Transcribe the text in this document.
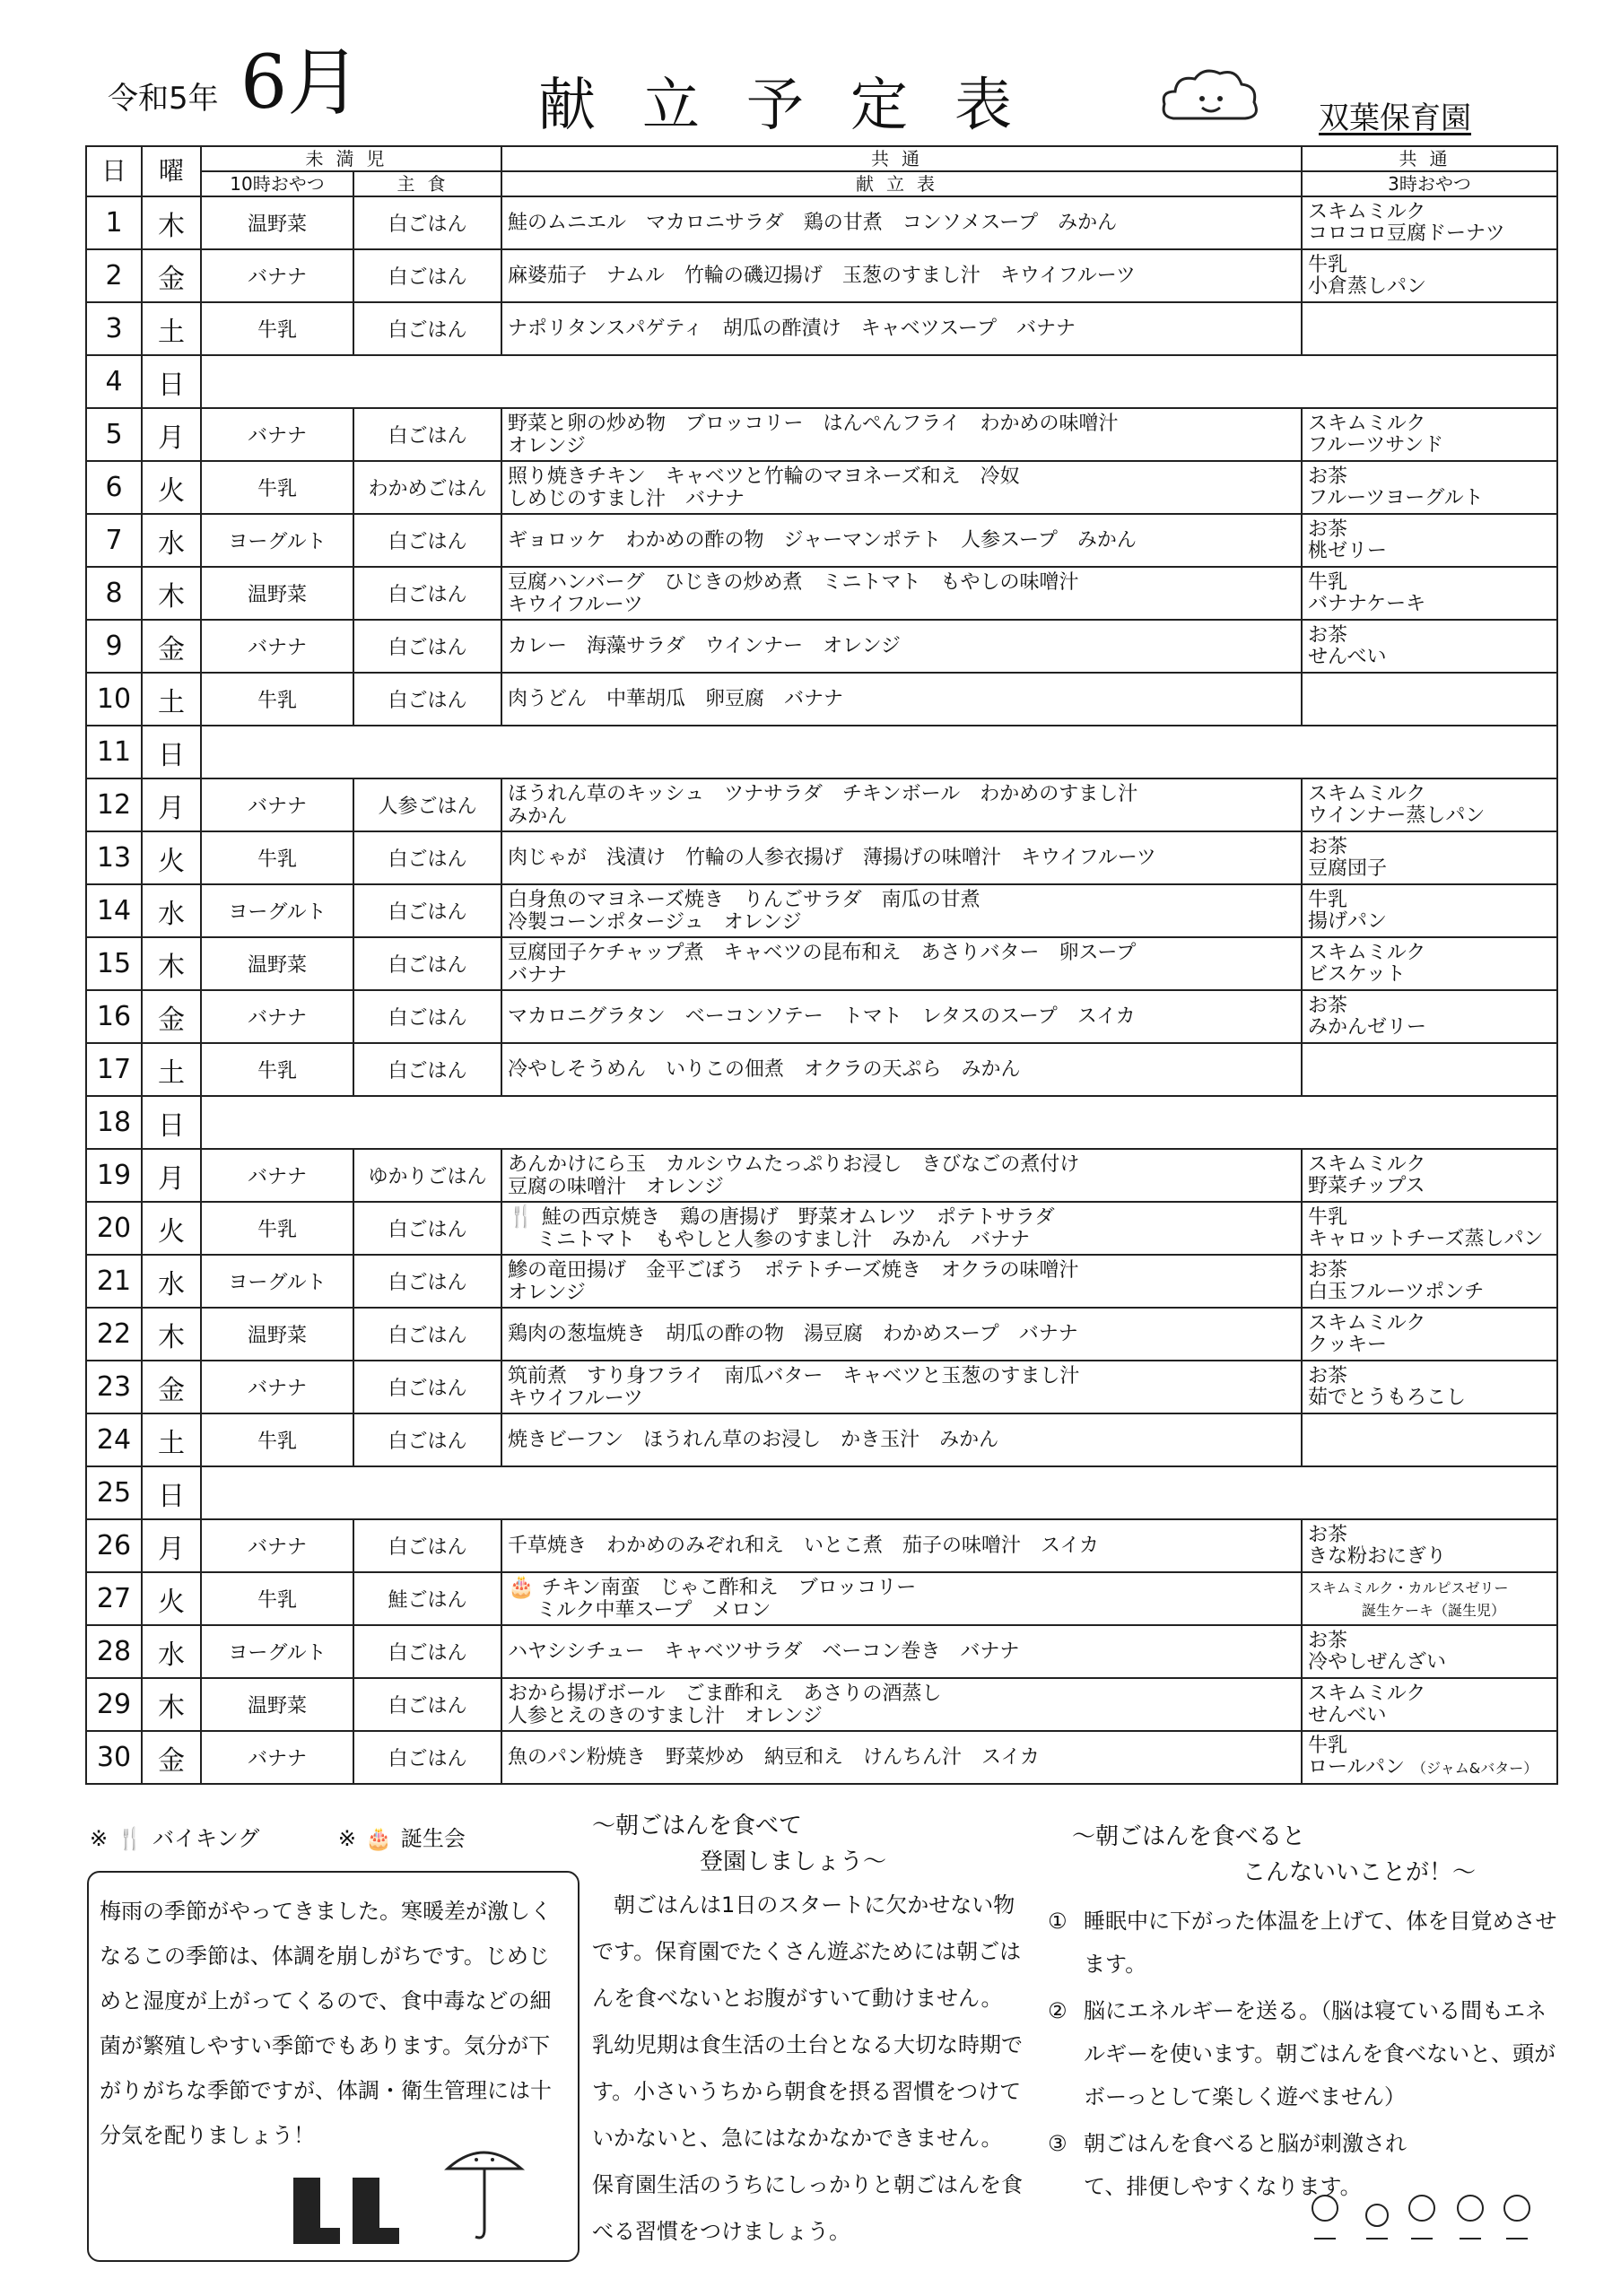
令和5年 6月	献立予定表	双葉保育園
日	曜	未満児		共通	共通
		10時おやつ	主食	献立表	3時おやつ
1	木	温野菜	白ごはん	鮭のムニエル　マカロニサラダ　鶏の甘煮　コンソメスープ　みかん	スキムミルク
コロコロ豆腐ドーナツ
2	金	バナナ	白ごはん	麻婆茄子　ナムル　竹輪の磯辺揚げ　玉葱のすまし汁　キウイフルーツ	牛乳
小倉蒸しパン
3	土	牛乳	白ごはん	ナポリタンスパゲティ　胡瓜の酢漬け　キャベツスープ　バナナ	
4	日				
5	月	バナナ	白ごはん	野菜と卵の炒め物　ブロッコリー　はんぺんフライ　わかめの味噌汁
オレンジ	スキムミルク
フルーツサンド
6	火	牛乳	わかめごはん	照り焼きチキン　キャベツと竹輪のマヨネーズ和え　冷奴
しめじのすまし汁　バナナ	お茶
フルーツヨーグルト
7	水	ヨーグルト	白ごはん	ギョロッケ　わかめの酢の物　ジャーマンポテト　人参スープ　みかん	お茶
桃ゼリー
8	木	温野菜	白ごはん	豆腐ハンバーグ　ひじきの炒め煮　ミニトマト　もやしの味噌汁
キウイフルーツ	牛乳
バナナケーキ
9	金	バナナ	白ごはん	カレー　海藻サラダ　ウインナー　オレンジ	お茶
せんべい
10	土	牛乳	白ごはん	肉うどん　中華胡瓜　卵豆腐　バナナ	
11	日				
12	月	バナナ	人参ごはん	ほうれん草のキッシュ　ツナサラダ　チキンボール　わかめのすまし汁
みかん	スキムミルク
ウインナー蒸しパン
13	火	牛乳	白ごはん	肉じゃが　浅漬け　竹輪の人参衣揚げ　薄揚げの味噌汁　キウイフルーツ	お茶
豆腐団子
14	水	ヨーグルト	白ごはん	白身魚のマヨネーズ焼き　りんごサラダ　南瓜の甘煮
冷製コーンポタージュ　オレンジ	牛乳
揚げパン
15	木	温野菜	白ごはん	豆腐団子ケチャップ煮　キャベツの昆布和え　あさりバター　卵スープ
バナナ	スキムミルク
ビスケット
16	金	バナナ	白ごはん	マカロニグラタン　ベーコンソテー　トマト　レタスのスープ　スイカ	お茶
みかんゼリー
17	土	牛乳	白ごはん	冷やしそうめん　いりこの佃煮　オクラの天ぷら　みかん	
18	日				
19	月	バナナ	ゆかりごはん	あんかけにら玉　カルシウムたっぷりお浸し　きびなごの煮付け
豆腐の味噌汁　オレンジ	スキムミルク
野菜チップス
20	火	牛乳	白ごはん	🍴 鮭の西京焼き　鶏の唐揚げ　野菜オムレツ　ポテトサラダ
ミニトマト　もやしと人参のすまし汁　みかん　バナナ	牛乳
キャロットチーズ蒸しパン
21	水	ヨーグルト	白ごはん	鰺の竜田揚げ　金平ごぼう　ポテトチーズ焼き　オクラの味噌汁
オレンジ	お茶
白玉フルーツポンチ
22	木	温野菜	白ごはん	鶏肉の葱塩焼き　胡瓜の酢の物　湯豆腐　わかめスープ　バナナ	スキムミルク
クッキー
23	金	バナナ	白ごはん	筑前煮　すり身フライ　南瓜バター　キャベツと玉葱のすまし汁
キウイフルーツ	お茶
茹でとうもろこし
24	土	牛乳	白ごはん	焼きビーフン　ほうれん草のお浸し　かき玉汁　みかん	
25	日				
26	月	バナナ	白ごはん	千草焼き　わかめのみぞれ和え　いとこ煮　茄子の味噌汁　スイカ	お茶
きな粉おにぎり
27	火	牛乳	鮭ごはん	🎂 チキン南蛮　じゃこ酢和え　ブロッコリー
ミルク中華スープ　メロン	スキムミルク・カルピスゼリー
誕生ケーキ（誕生児）
28	水	ヨーグルト	白ごはん	ハヤシシチュー　キャベツサラダ　ベーコン巻き　バナナ	お茶
冷やしぜんざい
29	木	温野菜	白ごはん	おから揚げボール　ごま酢和え　あさりの酒蒸し
人参とえのきのすまし汁　オレンジ	スキムミルク
せんべい
30	金	バナナ	白ごはん	魚のパン粉焼き　野菜炒め　納豆和え　けんちん汁　スイカ	牛乳
ロールパン （ジャム&バター）
※ 🍴 バイキング	※ 🎂 誕生会
梅雨の季節がやってきました。寒暖差が激しくなるこの季節は、体調を崩しがちです。じめじめと湿度が上がってくるので、食中毒などの細菌が繁殖しやすい季節でもあります。気分が下がりがちな季節ですが、体調・衛生管理には十分気を配りましょう！
～朝ごはんを食べて
登園しましょう～
朝ごはんは1日のスタートに欠かせない物です。保育園でたくさん遊ぶためには朝ごはんを食べないとお腹がすいて動けません。乳幼児期は食生活の土台となる大切な時期です。小さいうちから朝食を摂る習慣をつけていかないと、急にはなかなかできません。保育園生活のうちにしっかりと朝ごはんを食べる習慣をつけましょう。
～朝ごはんを食べると
こんないいことが！～
① 睡眠中に下がった体温を上げて、体を目覚めさせます。
② 脳にエネルギーを送る。（脳は寝ている間もエネルギーを使います。朝ごはんを食べないと、頭がボーっとして楽しく遊べません）
③ 朝ごはんを食べると脳が刺激されて、排便しやすくなります。
